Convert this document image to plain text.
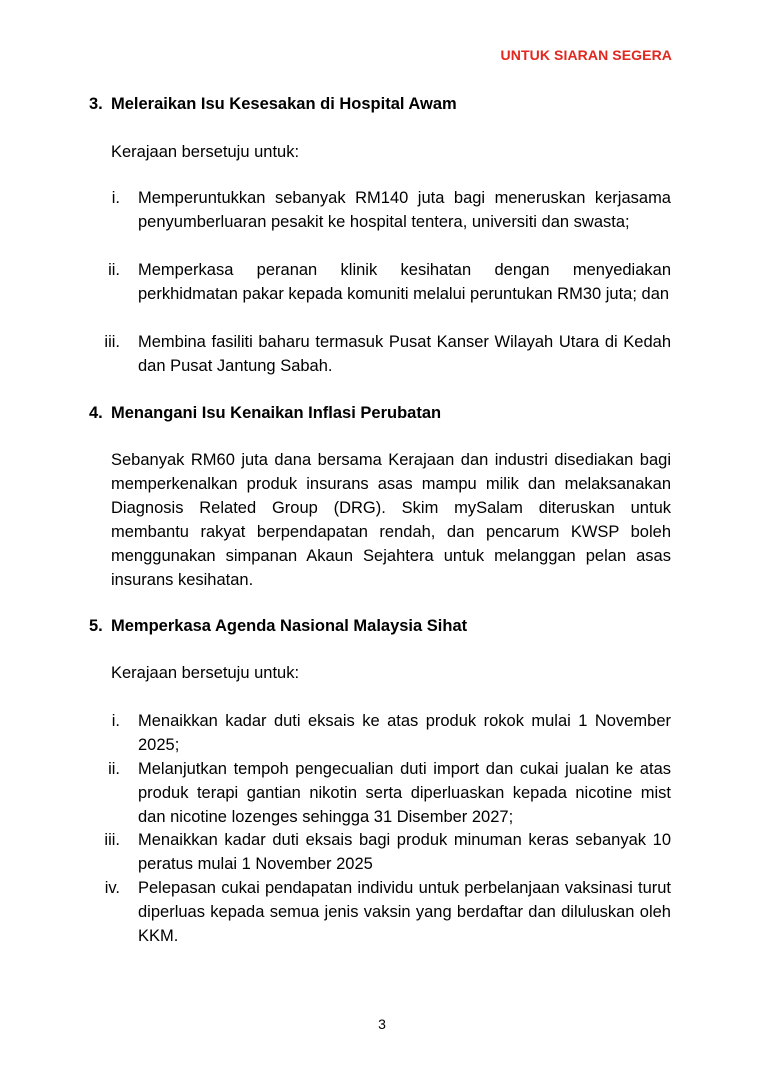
UNTUK SIARAN SEGERA
3. Meleraikan Isu Kesesakan di Hospital Awam
Kerajaan bersetuju untuk:
i. Memperuntukkan sebanyak RM140 juta bagi meneruskan kerjasama penyumberluaran pesakit ke hospital tentera, universiti dan swasta;
ii. Memperkasa peranan klinik kesihatan dengan menyediakan perkhidmatan pakar kepada komuniti melalui peruntukan RM30 juta; dan
iii. Membina fasiliti baharu termasuk Pusat Kanser Wilayah Utara di Kedah dan Pusat Jantung Sabah.
4. Menangani Isu Kenaikan Inflasi Perubatan
Sebanyak RM60 juta dana bersama Kerajaan dan industri disediakan bagi memperkenalkan produk insurans asas mampu milik dan melaksanakan Diagnosis Related Group (DRG). Skim mySalam diteruskan untuk membantu rakyat berpendapatan rendah, dan pencarum KWSP boleh menggunakan simpanan Akaun Sejahtera untuk melanggan pelan asas insurans kesihatan.
5. Memperkasa Agenda Nasional Malaysia Sihat
Kerajaan bersetuju untuk:
i. Menaikkan kadar duti eksais ke atas produk rokok mulai 1 November 2025;
ii. Melanjutkan tempoh pengecualian duti import dan cukai jualan ke atas produk terapi gantian nikotin serta diperluaskan kepada nicotine mist dan nicotine lozenges sehingga 31 Disember 2027;
iii. Menaikkan kadar duti eksais bagi produk minuman keras sebanyak 10 peratus mulai 1 November 2025
iv. Pelepasan cukai pendapatan individu untuk perbelanjaan vaksinasi turut diperluas kepada semua jenis vaksin yang berdaftar dan diluluskan oleh KKM.
3
